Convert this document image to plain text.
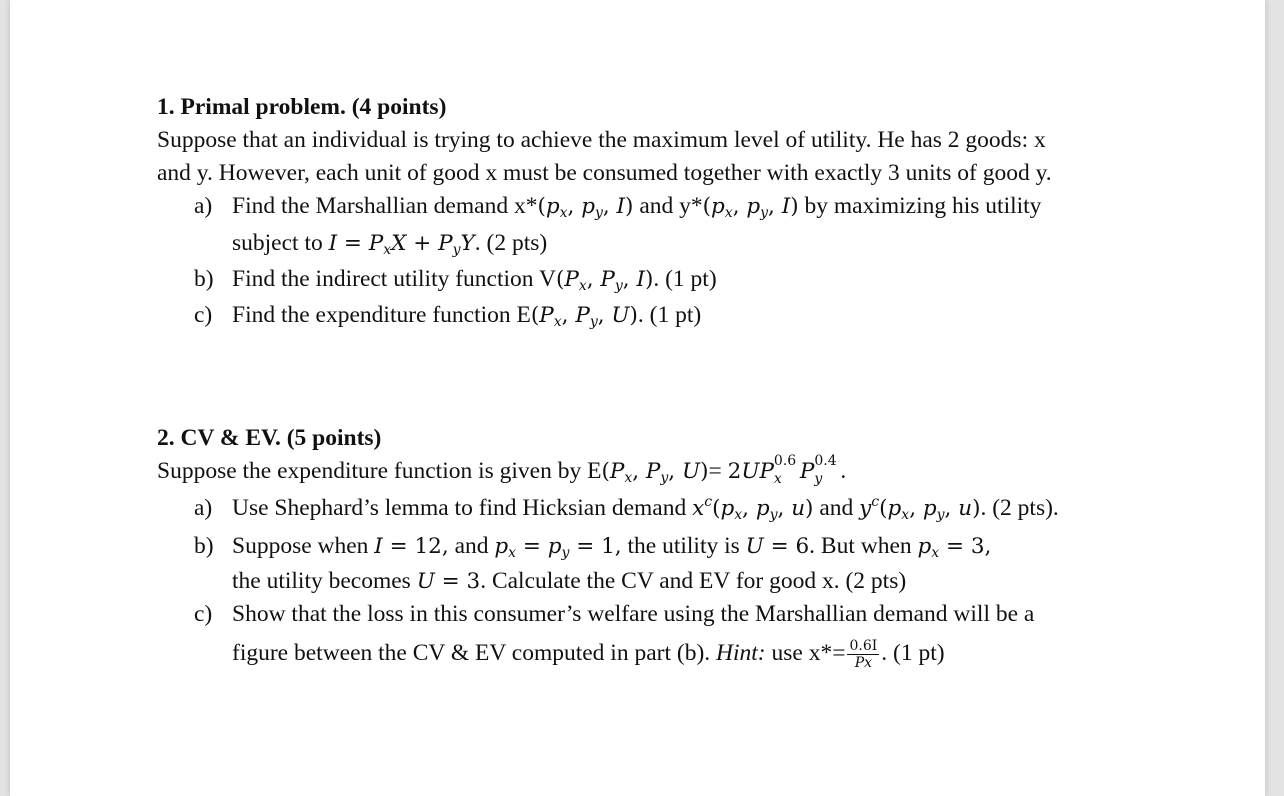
1. Primal problem. (4 points)
Suppose that an individual is trying to achieve the maximum level of utility. He has 2 goods: x
and y. However, each unit of good x must be consumed together with exactly 3 units of good y.
a) Find the Marshallian demand $x*(p_x$, $p_y$, I) and $y*(p_x$, $p_y$, I) by maximizing his utility
subject to $I = P_xX + P_yY$. (2 pts)
b) Find the indirect utility function $V(P_x$, $P_y$, I). (1 pt)
c) Find the expenditure function $E(P_x$, $P_y$, U). (1 pt)
2. CV & EV. (5 points)
Suppose the expenditure function is given by $E(P_x$, $P_y$, U)= 2UP 0.6
x P 0.4
y .
a) Use Shephard’s lemma to find Hicksian demand $x^c(p_x$, $p_y$, u) and $y^c(p_x$, $p_y$, u). (2 pts).
b) Suppose when I = 12, and $p_x = p_y = 1$, the utility is U = 6. But when $p_x = 3$,
the utility becomes U = 3. Calculate the CV and EV for good x. (2 pts)
c) Show that the loss in this consumer’s welfare using the Marshallian demand will be a
figure between the CV & EV computed in part (b). Hint: use $x*= \frac{0.6I}{Px}$ . (1 pt)
